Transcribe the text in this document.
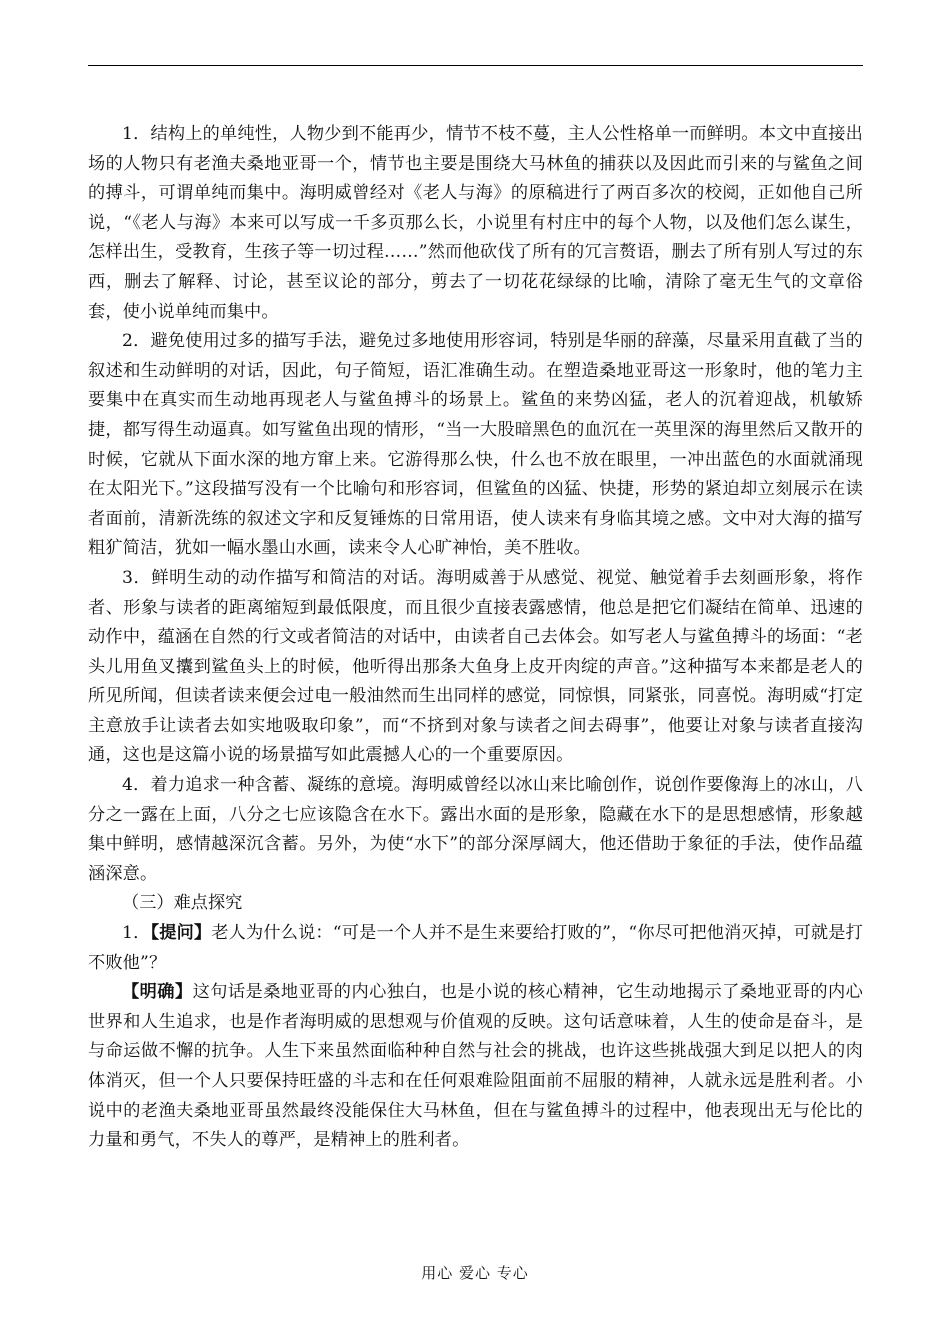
1．结构上的单纯性，人物少到不能再少，情节不枝不蔓，主人公性格单一而鲜明。本文中直接出场的人物只有老渔夫桑地亚哥一个，情节也主要是围绕大马林鱼的捕获以及因此而引来的与鲨鱼之间的搏斗，可谓单纯而集中。海明威曾经对《老人与海》的原稿进行了两百多次的校阅，正如他自己所说，“《老人与海》本来可以写成一千多页那么长，小说里有村庄中的每个人物，以及他们怎么谋生，怎样出生，受教育，生孩子等一切过程……”然而他砍伐了所有的冗言赘语，删去了所有别人写过的东西，删去了解释、讨论，甚至议论的部分，剪去了一切花花绿绿的比喻，清除了毫无生气的文章俗套，使小说单纯而集中。

2．避免使用过多的描写手法，避免过多地使用形容词，特别是华丽的辞藻，尽量采用直截了当的叙述和生动鲜明的对话，因此，句子简短，语汇准确生动。在塑造桑地亚哥这一形象时，他的笔力主要集中在真实而生动地再现老人与鲨鱼搏斗的场景上。鲨鱼的来势凶猛，老人的沉着迎战，机敏矫捷，都写得生动逼真。如写鲨鱼出现的情形，“当一大股暗黑色的血沉在一英里深的海里然后又散开的时候，它就从下面水深的地方窜上来。它游得那么快，什么也不放在眼里，一冲出蓝色的水面就涌现在太阳光下。”这段描写没有一个比喻句和形容词，但鲨鱼的凶猛、快捷，形势的紧迫却立刻展示在读者面前，清新洗练的叙述文字和反复锤炼的日常用语，使人读来有身临其境之感。文中对大海的描写粗犷简洁，犹如一幅水墨山水画，读来令人心旷神怡，美不胜收。

3．鲜明生动的动作描写和简洁的对话。海明威善于从感觉、视觉、触觉着手去刻画形象，将作者、形象与读者的距离缩短到最低限度，而且很少直接表露感情，他总是把它们凝结在简单、迅速的动作中，蕴涵在自然的行文或者简洁的对话中，由读者自己去体会。如写老人与鲨鱼搏斗的场面：“老头儿用鱼叉攮到鲨鱼头上的时候，他听得出那条大鱼身上皮开肉绽的声音。”这种描写本来都是老人的所见所闻，但读者读来便会过电一般油然而生出同样的感觉，同惊惧，同紧张，同喜悦。海明威“打定主意放手让读者去如实地吸取印象”，而“不挤到对象与读者之间去碍事”，他要让对象与读者直接沟通，这也是这篇小说的场景描写如此震撼人心的一个重要原因。

4．着力追求一种含蓄、凝练的意境。海明威曾经以冰山来比喻创作，说创作要像海上的冰山，八分之一露在上面，八分之七应该隐含在水下。露出水面的是形象，隐藏在水下的是思想感情，形象越集中鲜明，感情越深沉含蓄。另外，为使“水下”的部分深厚阔大，他还借助于象征的手法，使作品蕴涵深意。

（三）难点探究

1．【提问】老人为什么说：“可是一个人并不是生来要给打败的”，“你尽可把他消灭掉，可就是打不败他”？

【明确】这句话是桑地亚哥的内心独白，也是小说的核心精神，它生动地揭示了桑地亚哥的内心世界和人生追求，也是作者海明威的思想观与价值观的反映。这句话意味着，人生的使命是奋斗，是与命运做不懈的抗争。人生下来虽然面临种种自然与社会的挑战，也许这些挑战强大到足以把人的肉体消灭，但一个人只要保持旺盛的斗志和在任何艰难险阻面前不屈服的精神，人就永远是胜利者。小说中的老渔夫桑地亚哥虽然最终没能保住大马林鱼，但在与鲨鱼搏斗的过程中，他表现出无与伦比的力量和勇气，不失人的尊严，是精神上的胜利者。

用心 爱心 专心
